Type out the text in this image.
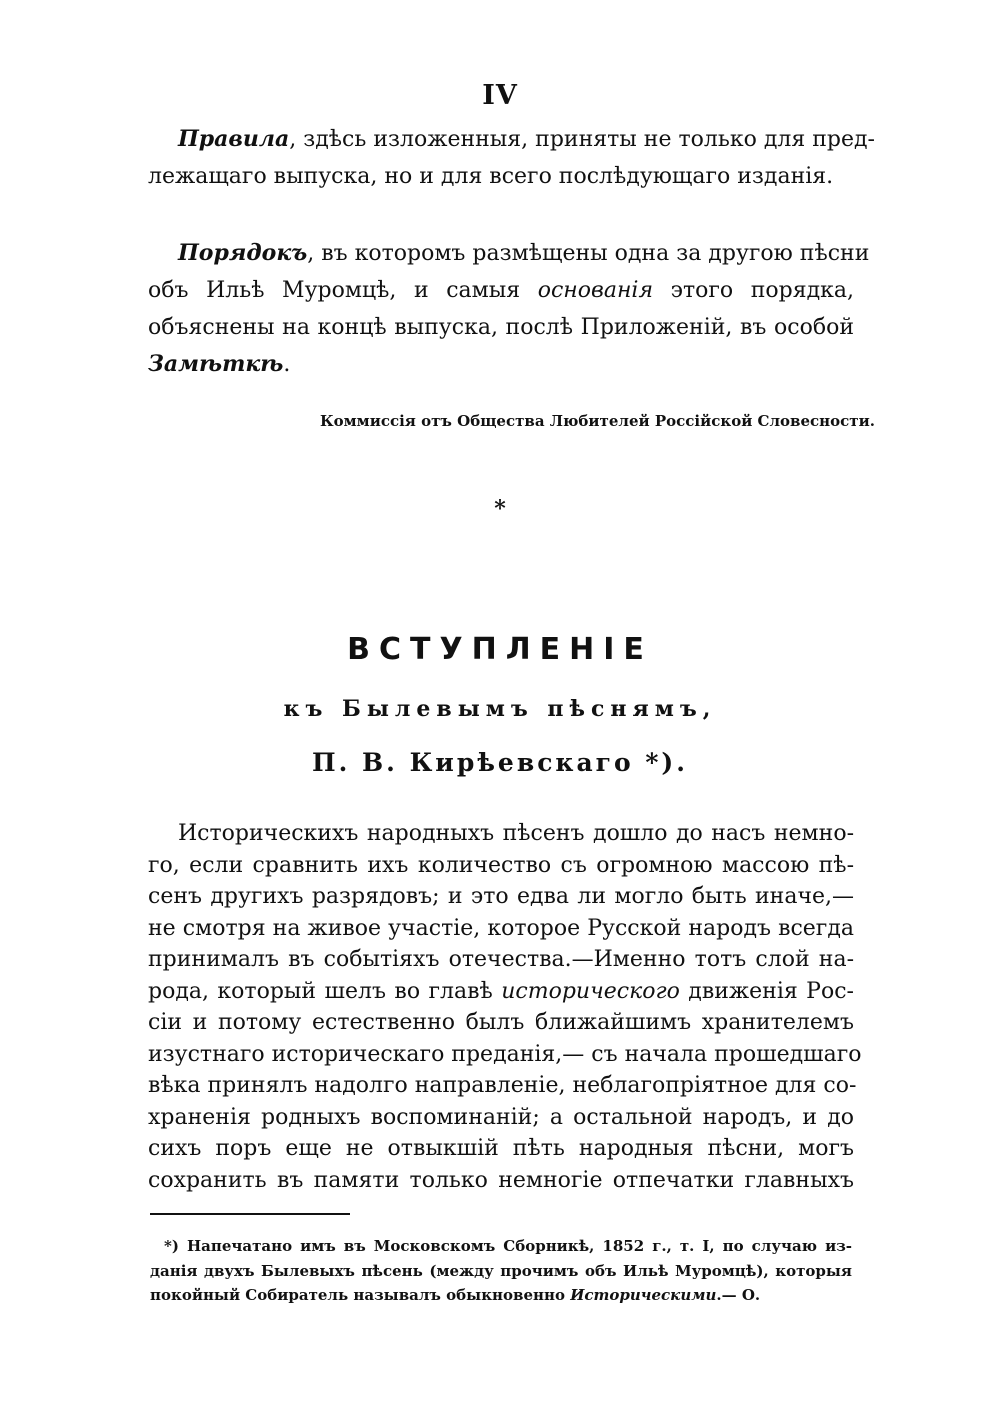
IV

Правила, здѣсь изложенныя, приняты не только для пред-
лежащаго выпуска, но и для всего послѣдующаго изданія.

Порядокъ, въ которомъ размѣщены одна за другою пѣсни
объ Ильѣ Муромцѣ, и самыя основанія этого порядка,
объяснены на концѣ выпуска, послѣ Приложеній, въ особой
Замѣткѣ.

Коммиссія отъ Общества Любителей Россійской Словесности.
*
ВСТУПЛЕНІЕ
къ Былевымъ пѣснямъ,
П. В. Кирѣевскаго *).
Историческихъ народныхъ пѣсенъ дошло до насъ немно-
го, если сравнить ихъ количество съ огромною массою пѣ-
сенъ другихъ разрядовъ; и это едва ли могло быть иначе,—
не смотря на живое участіе, которое Русской народъ всегда
принималъ въ событіяхъ отечества.—Именно тотъ слой на-
рода, который шелъ во главѣ исторического движенія Рос-
сіи и потому естественно былъ ближайшимъ хранителемъ
изустнаго историческаго преданія,— съ начала прошедшаго
вѣка принялъ надолго направленіе, неблагопріятное для со-
храненія родныхъ воспоминаній; а остальной народъ, и до
сихъ поръ еще не отвыкшій пѣть народныя пѣсни, могъ
сохранить въ памяти только немногіе отпечатки главныхъ
*) Напечатано имъ въ Московскомъ Сборникѣ, 1852 г., т. I, по случаю из-
данія двухъ Былевыхъ пѣсень (между прочимъ объ Ильѣ Муромцѣ), которыя
покойный Собиратель называлъ обыкновенно Историческими.— О.
